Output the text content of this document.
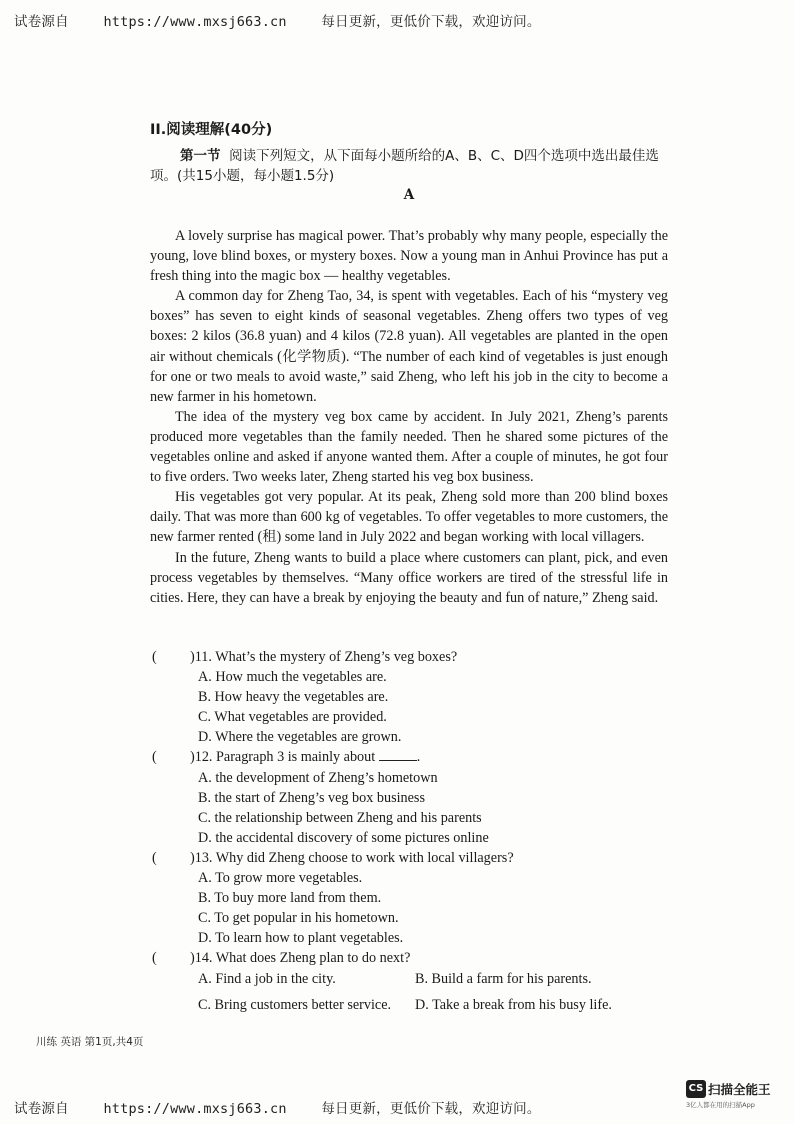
试卷源自	https://www.mxsj663.cn	每日更新，更低价下载，欢迎访问。
II.阅读理解(40分)
第一节 阅读下列短文，从下面每小题所给的A、B、C、D四个选项中选出最佳选项。(共15小题，每小题1.5分)
A

A lovely surprise has magical power. That’s probably why many people, especially the young, love blind boxes, or mystery boxes. Now a young man in Anhui Province has put a fresh thing into the magic box — healthy vegetables.

A common day for Zheng Tao, 34, is spent with vegetables. Each of his “mystery veg boxes” has seven to eight kinds of seasonal vegetables. Zheng offers two types of veg boxes: 2 kilos (36.8 yuan) and 4 kilos (72.8 yuan). All vegetables are planted in the open air without chemicals (化学物质). “The number of each kind of vegetables is just enough for one or two meals to avoid waste,” said Zheng, who left his job in the city to become a new farmer in his hometown.

The idea of the mystery veg box came by accident. In July 2021, Zheng’s parents produced more vegetables than the family needed. Then he shared some pictures of the vegetables online and asked if anyone wanted them. After a couple of minutes, he got four to five orders. Two weeks later, Zheng started his veg box business.

His vegetables got very popular. At its peak, Zheng sold more than 200 blind boxes daily. That was more than 600 kg of vegetables. To offer vegetables to more customers, the new farmer rented (租) some land in July 2022 and began working with local villagers.

In the future, Zheng wants to build a place where customers can plant, pick, and even process vegetables by themselves. “Many office workers are tired of the stressful life in cities. Here, they can have a break by enjoying the beauty and fun of nature,” Zheng said.

(	)11. What’s the mystery of Zheng’s veg boxes?
A. How much the vegetables are.
B. How heavy the vegetables are.
C. What vegetables are provided.
D. Where the vegetables are grown.
(	)12. Paragraph 3 is mainly about	.
A. the development of Zheng’s hometown
B. the start of Zheng’s veg box business
C. the relationship between Zheng and his parents
D. the accidental discovery of some pictures online
(	)13. Why did Zheng choose to work with local villagers?
A. To grow more vegetables.
B. To buy more land from them.
C. To get popular in his hometown.
D. To learn how to plant vegetables.
(	)14. What does Zheng plan to do next?
A. Find a job in the city.	B. Build a farm for his parents.
C. Bring customers better service.	D. Take a break from his busy life.
川练 英语 第1页,共4页
试卷源自	https://www.mxsj663.cn	每日更新，更低价下载，欢迎访问。
CS 扫描全能王
3亿人都在用的扫描App
